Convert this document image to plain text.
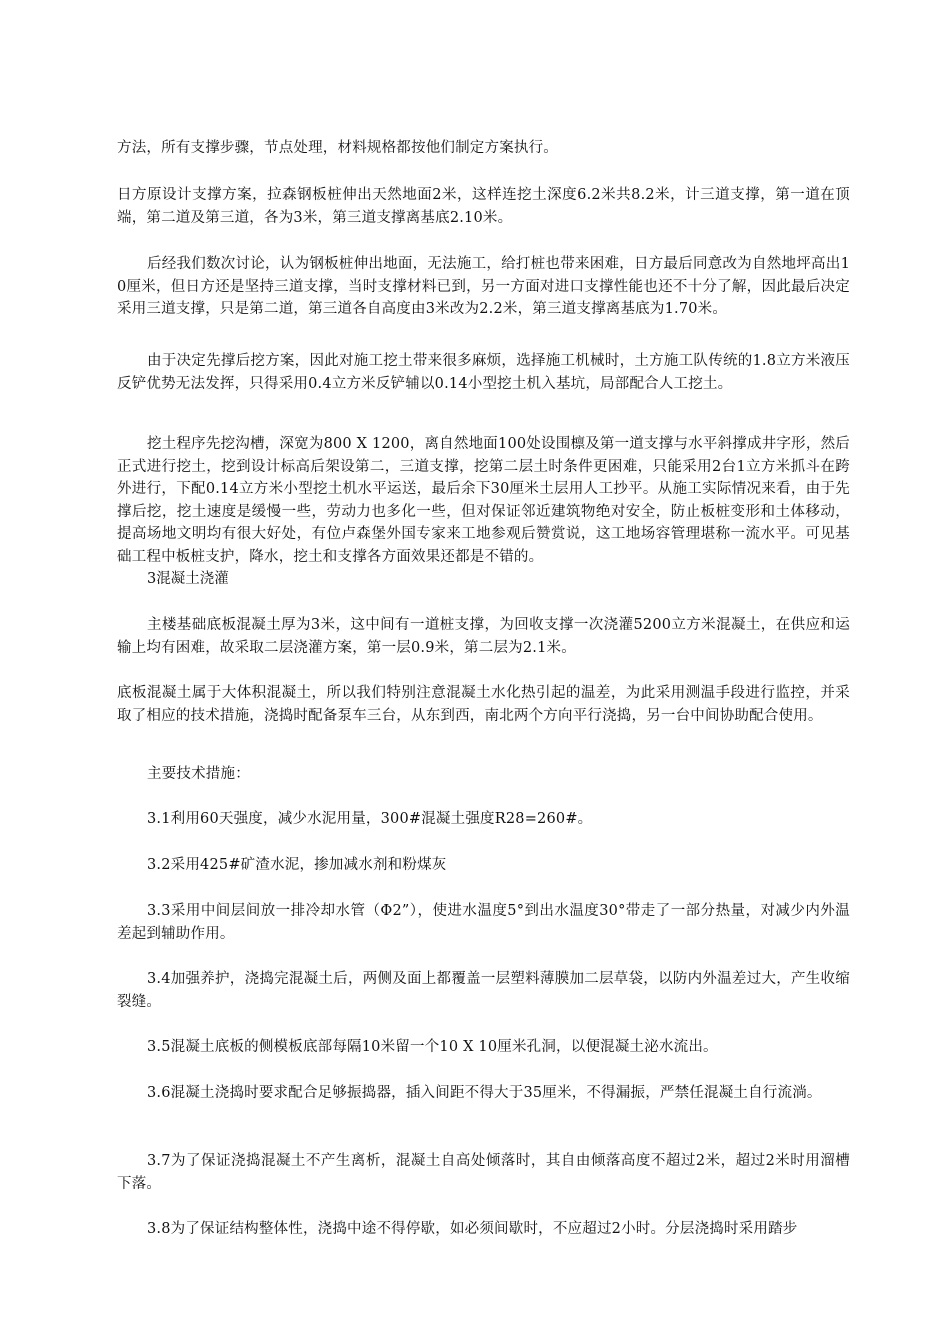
方法，所有支撑步骤，节点处理，材料规格都按他们制定方案执行。

日方原设计支撑方案，拉森钢板桩伸出天然地面2米，这样连挖土深度6.2米共8.2米，计三道支撑，第一道在顶端，第二道及第三道，各为3米，第三道支撑离基底2.10米。

后经我们数次讨论，认为钢板桩伸出地面，无法施工，给打桩也带来困难，日方最后同意改为自然地坪高出10厘米，但日方还是坚持三道支撑，当时支撑材料已到，另一方面对进口支撑性能也还不十分了解，因此最后决定采用三道支撑，只是第二道，第三道各自高度由3米改为2.2米，第三道支撑离基底为1.70米。

由于决定先撑后挖方案，因此对施工挖土带来很多麻烦，选择施工机械时，土方施工队传统的1.8立方米液压反铲优势无法发挥，只得采用0.4立方米反铲辅以0.14小型挖土机入基坑，局部配合人工挖土。

挖土程序先挖沟槽，深宽为800 X 1200，离自然地面100处设围檩及第一道支撑与水平斜撑成井字形，然后正式进行挖土，挖到设计标高后架设第二，三道支撑，挖第二层土时条件更困难，只能采用2台1立方米抓斗在跨外进行，下配0.14立方米小型挖土机水平运送，最后余下30厘米土层用人工抄平。从施工实际情况来看，由于先撑后挖，挖土速度是缓慢一些，劳动力也多化一些，但对保证邻近建筑物绝对安全，防止板桩变形和土体移动，提高场地文明均有很大好处，有位卢森堡外国专家来工地参观后赞赏说，这工地场容管理堪称一流水平。可见基础工程中板桩支护，降水，挖土和支撑各方面效果还都是不错的。

3混凝土浇灌

主楼基础底板混凝土厚为3米，这中间有一道桩支撑，为回收支撑一次浇灌5200立方米混凝土，在供应和运输上均有困难，故采取二层浇灌方案，第一层0.9米，第二层为2.1米。

底板混凝土属于大体积混凝土，所以我们特别注意混凝土水化热引起的温差，为此采用测温手段进行监控，并采取了相应的技术措施，浇捣时配备泵车三台，从东到西，南北两个方向平行浇捣，另一台中间协助配合使用。

主要技术措施：

3.1利用60天强度，减少水泥用量，300#混凝土强度R28=260#。

3.2采用425#矿渣水泥，掺加减水剂和粉煤灰

3.3采用中间层间放一排冷却水管（Φ2”），使进水温度5°到出水温度30°带走了一部分热量，对减少内外温差起到辅助作用。

3.4加强养护，浇捣完混凝土后，两侧及面上都覆盖一层塑料薄膜加二层草袋，以防内外温差过大，产生收缩裂缝。

3.5混凝土底板的侧模板底部每隔10米留一个10 X 10厘米孔洞，以便混凝土泌水流出。

3.6混凝土浇捣时要求配合足够振捣器，插入间距不得大于35厘米，不得漏振，严禁任混凝土自行流淌。

3.7为了保证浇捣混凝土不产生离析，混凝土自高处倾落时，其自由倾落高度不超过2米，超过2米时用溜槽下落。

3.8为了保证结构整体性，浇捣中途不得停歇，如必须间歇时，不应超过2小时。分层浇捣时采用踏步
